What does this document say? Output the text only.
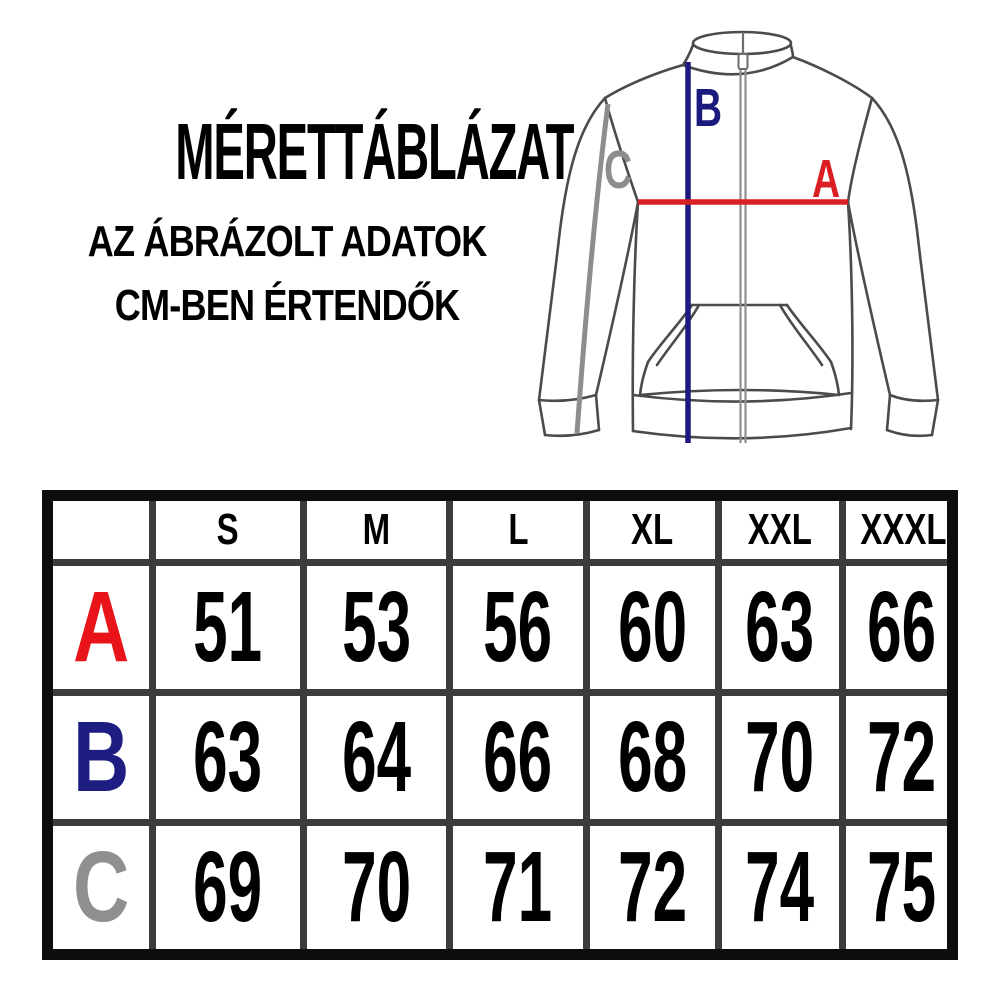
MÉRETTÁBLÁZAT
AZ ÁBRÁZOLT ADATOK
CM-BEN ÉRTENDŐK
B
C	A
	S	M	L	XL	XXL	XXXL
A	51	53	56	60	63	66
B	63	64	66	68	70	72
C	69	70	71	72	74	75
